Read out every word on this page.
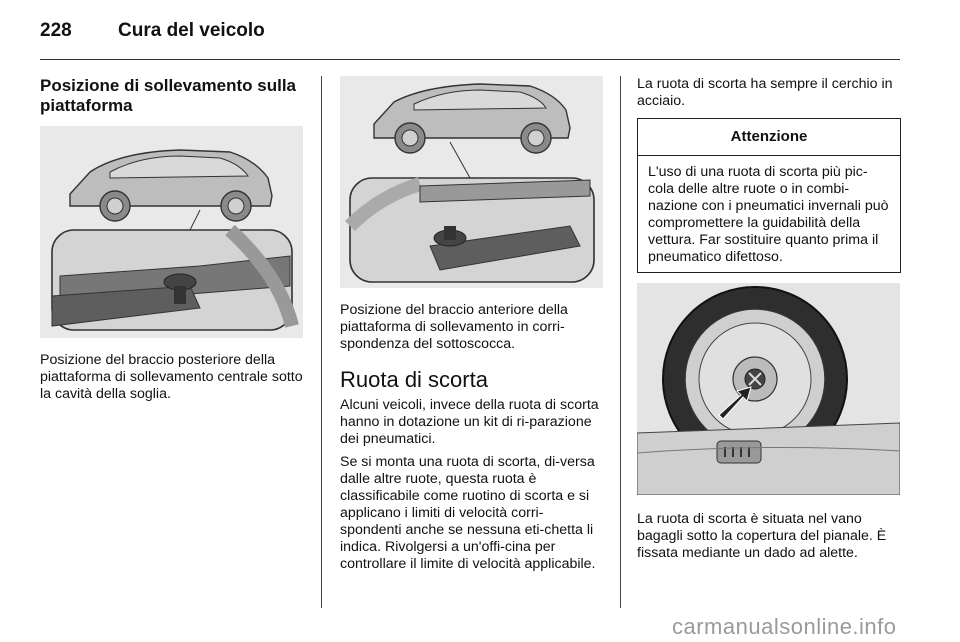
228 Cura del veicolo
Posizione di sollevamento sulla piattaforma

Posizione del braccio posteriore della piattaforma di sollevamento centrale sotto la cavità della soglia.

Posizione del braccio anteriore della piattaforma di sollevamento in corri-spondenza del sottoscocca.

Ruota di scorta

Alcuni veicoli, invece della ruota di scorta hanno in dotazione un kit di ri-parazione dei pneumatici.

Se si monta una ruota di scorta, di-versa dalle altre ruote, questa ruota è classificabile come ruotino di scorta e si applicano i limiti di velocità corri-spondenti anche se nessuna eti-chetta li indica. Rivolgersi a un'offi-cina per controllare il limite di velocità applicabile.

La ruota di scorta ha sempre il cerchio in acciaio.

Attenzione
L'uso di una ruota di scorta più pic-cola delle altre ruote o in combi-nazione con i pneumatici invernali può compromettere la guidabilità della vettura. Far sostituire quanto prima il pneumatico difettoso.

La ruota di scorta è situata nel vano bagagli sotto la copertura del pianale. È fissata mediante un dado ad alette.

carmanualsonline.info
